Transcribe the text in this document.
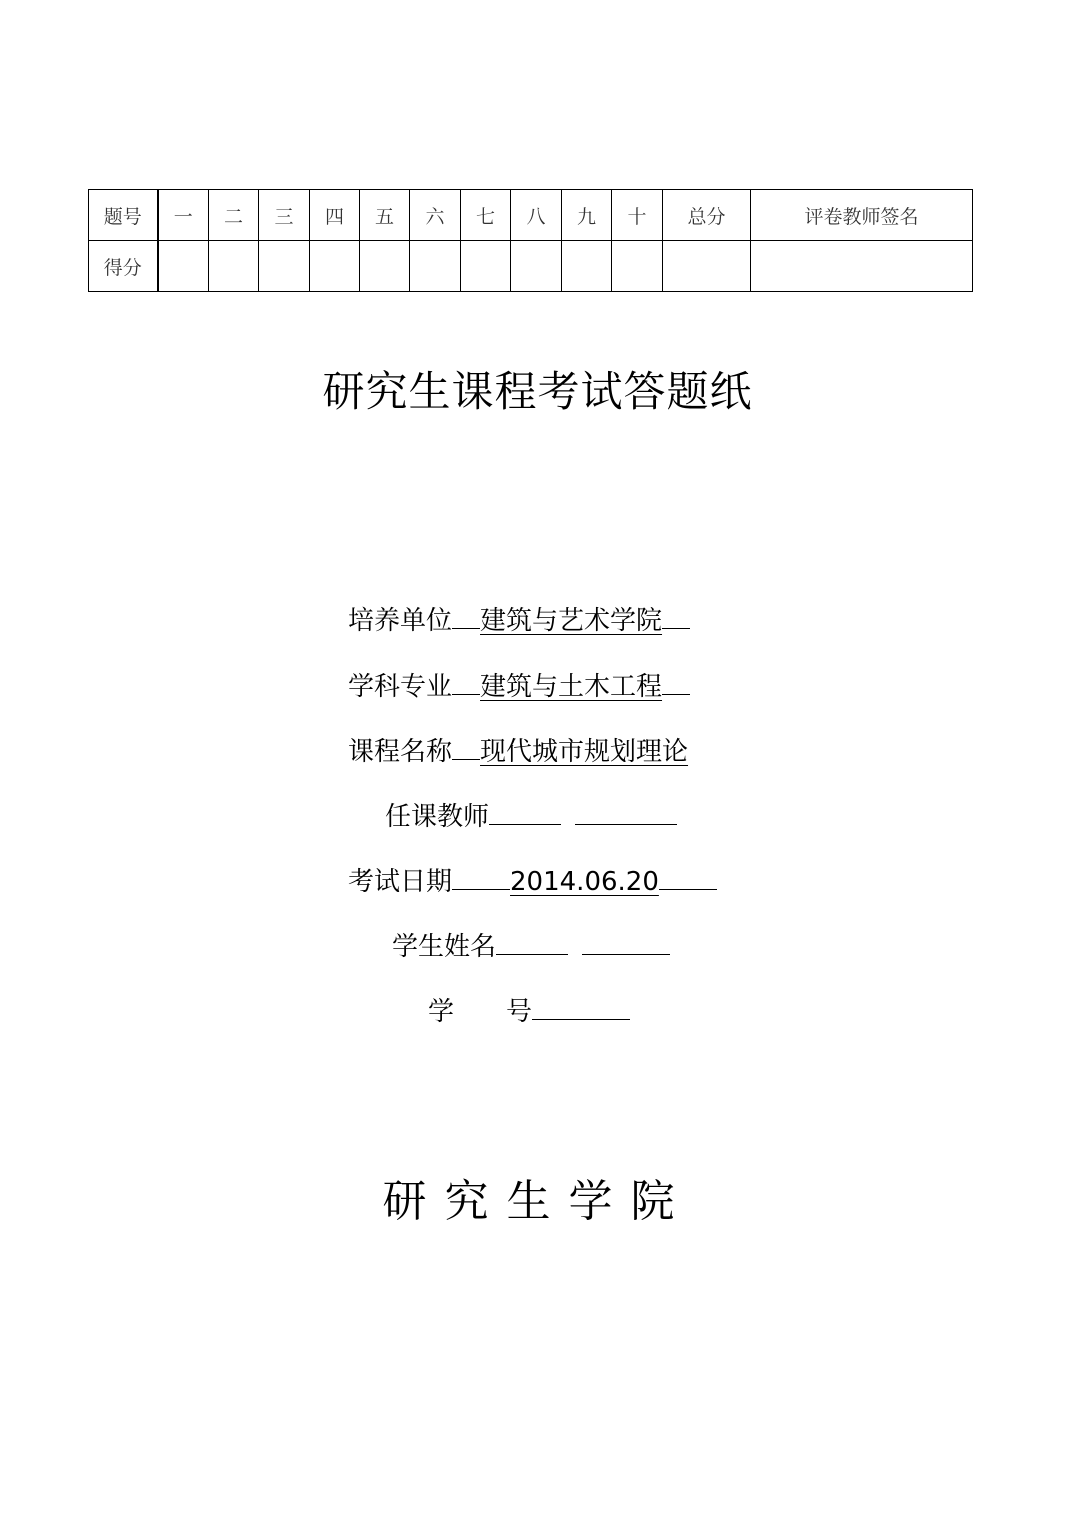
题号	一	二	三	四	五	六	七	八	九	十	总分	评卷教师签名
得分												
研究生课程考试答题纸
培养单位 建筑与艺术学院
学科专业 建筑与土木工程
课程名称 现代城市规划理论
任课教师
考试日期 2014.06.20
学生姓名
学　　号
研究生学院
